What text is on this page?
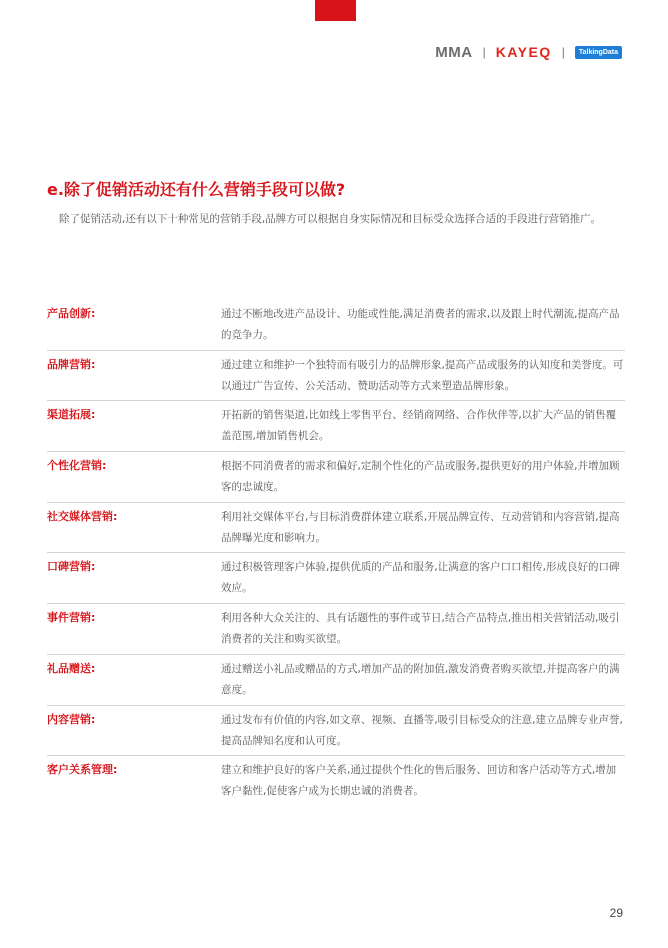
MMA | KAYEQ |	TalkingData
e.除了促销活动还有什么营销手段可以做?

除了促销活动,还有以下十种常见的营销手段,品牌方可以根据自身实际情况和目标受众选择合适的手段进行营销推广。

产品创新:	通过不断地改进产品设计、功能或性能,满足消费者的需求,以及跟上时代潮流,提高产品的竞争力。
品牌营销:	通过建立和维护一个独特而有吸引力的品牌形象,提高产品或服务的认知度和美誉度。可以通过广告宣传、公关活动、赞助活动等方式来塑造品牌形象。
渠道拓展:	开拓新的销售渠道,比如线上零售平台、经销商网络、合作伙伴等,以扩大产品的销售覆盖范围,增加销售机会。
个性化营销:	根据不同消费者的需求和偏好,定制个性化的产品或服务,提供更好的用户体验,并增加顾客的忠诚度。
社交媒体营销:	利用社交媒体平台,与目标消费群体建立联系,开展品牌宣传、互动营销和内容营销,提高品牌曝光度和影响力。
口碑营销:	通过积极管理客户体验,提供优质的产品和服务,让满意的客户口口相传,形成良好的口碑效应。
事件营销:	利用各种大众关注的、具有话题性的事件或节日,结合产品特点,推出相关营销活动,吸引消费者的关注和购买欲望。
礼品赠送:	通过赠送小礼品或赠品的方式,增加产品的附加值,激发消费者购买欲望,并提高客户的满意度。
内容营销:	通过发布有价值的内容,如文章、视频、直播等,吸引目标受众的注意,建立品牌专业声誉,提高品牌知名度和认可度。
客户关系管理:	建立和维护良好的客户关系,通过提供个性化的售后服务、回访和客户活动等方式,增加客户黏性,促使客户成为长期忠诚的消费者。
29
